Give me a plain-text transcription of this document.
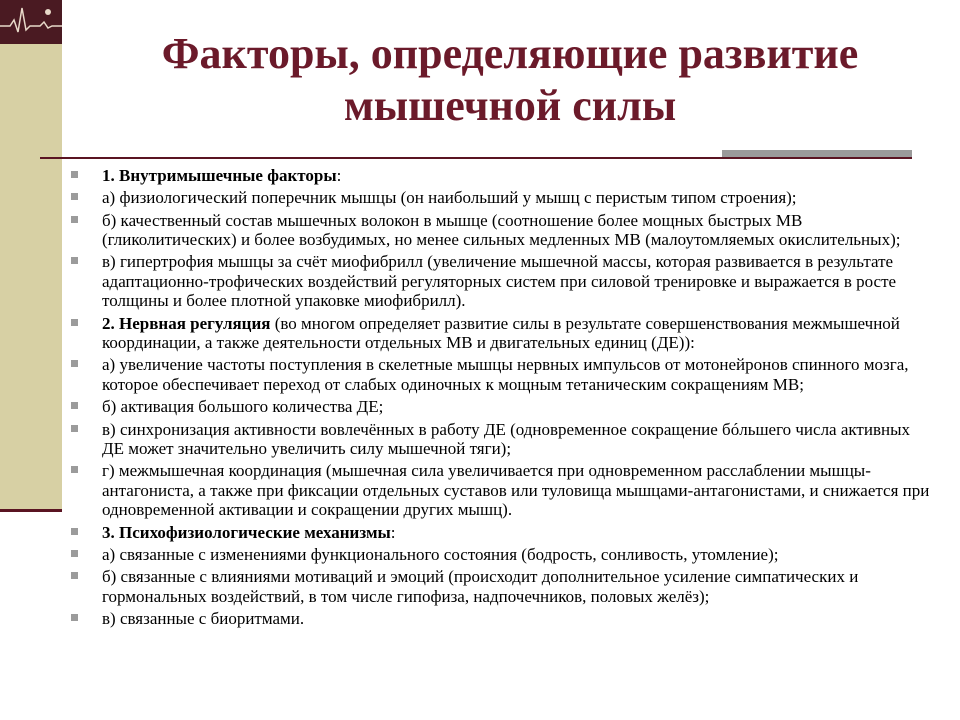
Факторы, определяющие развитие мышечной силы
1. Внутримышечные факторы:
а) физиологический поперечник мышцы (он наибольший у мышц с перистым типом строения);
б) качественный состав мышечных волокон в мышце (соотношение более мощных быстрых МВ (гликолитических) и более возбудимых, но менее сильных медленных МВ (малоутомляемых окислительных);
в) гипертрофия мышцы за счёт миофибрилл (увеличение мышечной массы, которая развивается в результате адаптационно-трофических воздействий регуляторных систем при силовой тренировке и выражается в росте толщины и более плотной упаковке миофибрилл).
2. Нервная регуляция (во многом определяет развитие силы в результате совершенствования межмышечной координации, а также деятельности отдельных МВ и двигательных единиц (ДЕ)):
а) увеличение частоты поступления в скелетные мышцы нервных импульсов от мотонейронов спинного мозга, которое обеспечивает переход от слабых одиночных к мощным тетаническим сокращениям МВ;
б) активация большого количества ДЕ;
в) синхронизация активности вовлечённых в работу ДЕ (одновременное сокращение бóльшего числа активных ДЕ может значительно увеличить силу мышечной тяги);
г) межмышечная координация (мышечная сила увеличивается при одновременном расслаблении мышцы-антагониста, а также при фиксации отдельных суставов или туловища мышцами-антагонистами, и снижается при одновременной активации и сокращении других мышц).
3. Психофизиологические механизмы:
а) связанные с изменениями функционального состояния (бодрость, сонливость, утомление);
б) связанные с влияниями мотиваций и эмоций (происходит дополнительное усиление симпатических и гормональных воздействий, в том числе гипофиза, надпочечников, половых желёз);
в) связанные с биоритмами.
